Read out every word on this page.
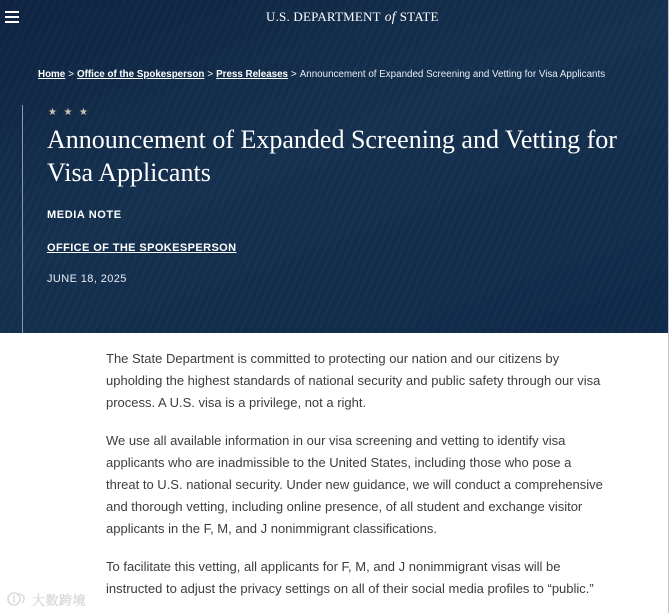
U.S. DEPARTMENT of STATE
Home > Office of the Spokesperson > Press Releases > Announcement of Expanded Screening and Vetting for Visa Applicants
★ ★ ★
Announcement of Expanded Screening and Vetting for Visa Applicants
MEDIA NOTE
OFFICE OF THE SPOKESPERSON
JUNE 18, 2025

The State Department is committed to protecting our nation and our citizens by upholding the highest standards of national security and public safety through our visa process. A U.S. visa is a privilege, not a right.

We use all available information in our visa screening and vetting to identify visa applicants who are inadmissible to the United States, including those who pose a threat to U.S. national security. Under new guidance, we will conduct a comprehensive and thorough vetting, including online presence, of all student and exchange visitor applicants in the F, M, and J nonimmigrant classifications.

To facilitate this vetting, all applicants for F, M, and J nonimmigrant visas will be instructed to adjust the privacy settings on all of their social media profiles to “public.”

大数跨境
